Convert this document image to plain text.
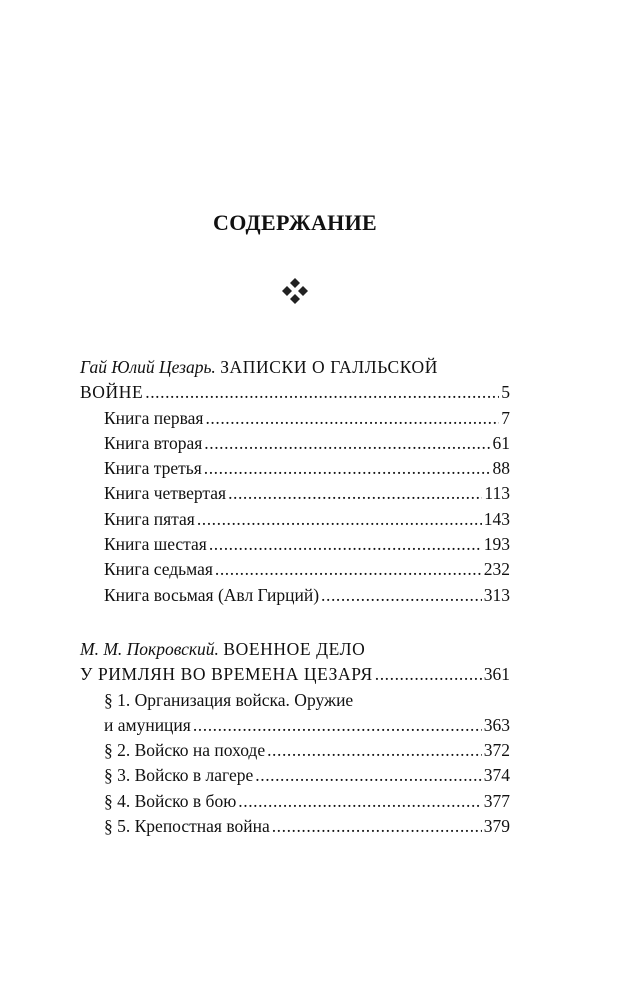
СОДЕРЖАНИЕ
Гай Юлий Цезарь. ЗАПИСКИ О ГАЛЛЬСКОЙ
ВОЙНЕ . . .	5
Книга первая . . .	7
Книга вторая . . .	61
Книга третья . . .	88
Книга четвертая . . .	113
Книга пятая . . .	143
Книга шестая . . .	193
Книга седьмая . . .	232
Книга восьмая (Авл Гирций) . . .	313
М. М. Покровский. ВОЕННОЕ ДЕЛО
У РИМЛЯН ВО ВРЕМЕНА ЦЕЗАРЯ . . .	361
§ 1. Организация войска. Оружие
и амуниция . . .	363
§ 2. Войско на походе . . .	372
§ 3. Войско в лагере . . .	374
§ 4. Войско в бою . . .	377
§ 5. Крепостная война . . .	379
